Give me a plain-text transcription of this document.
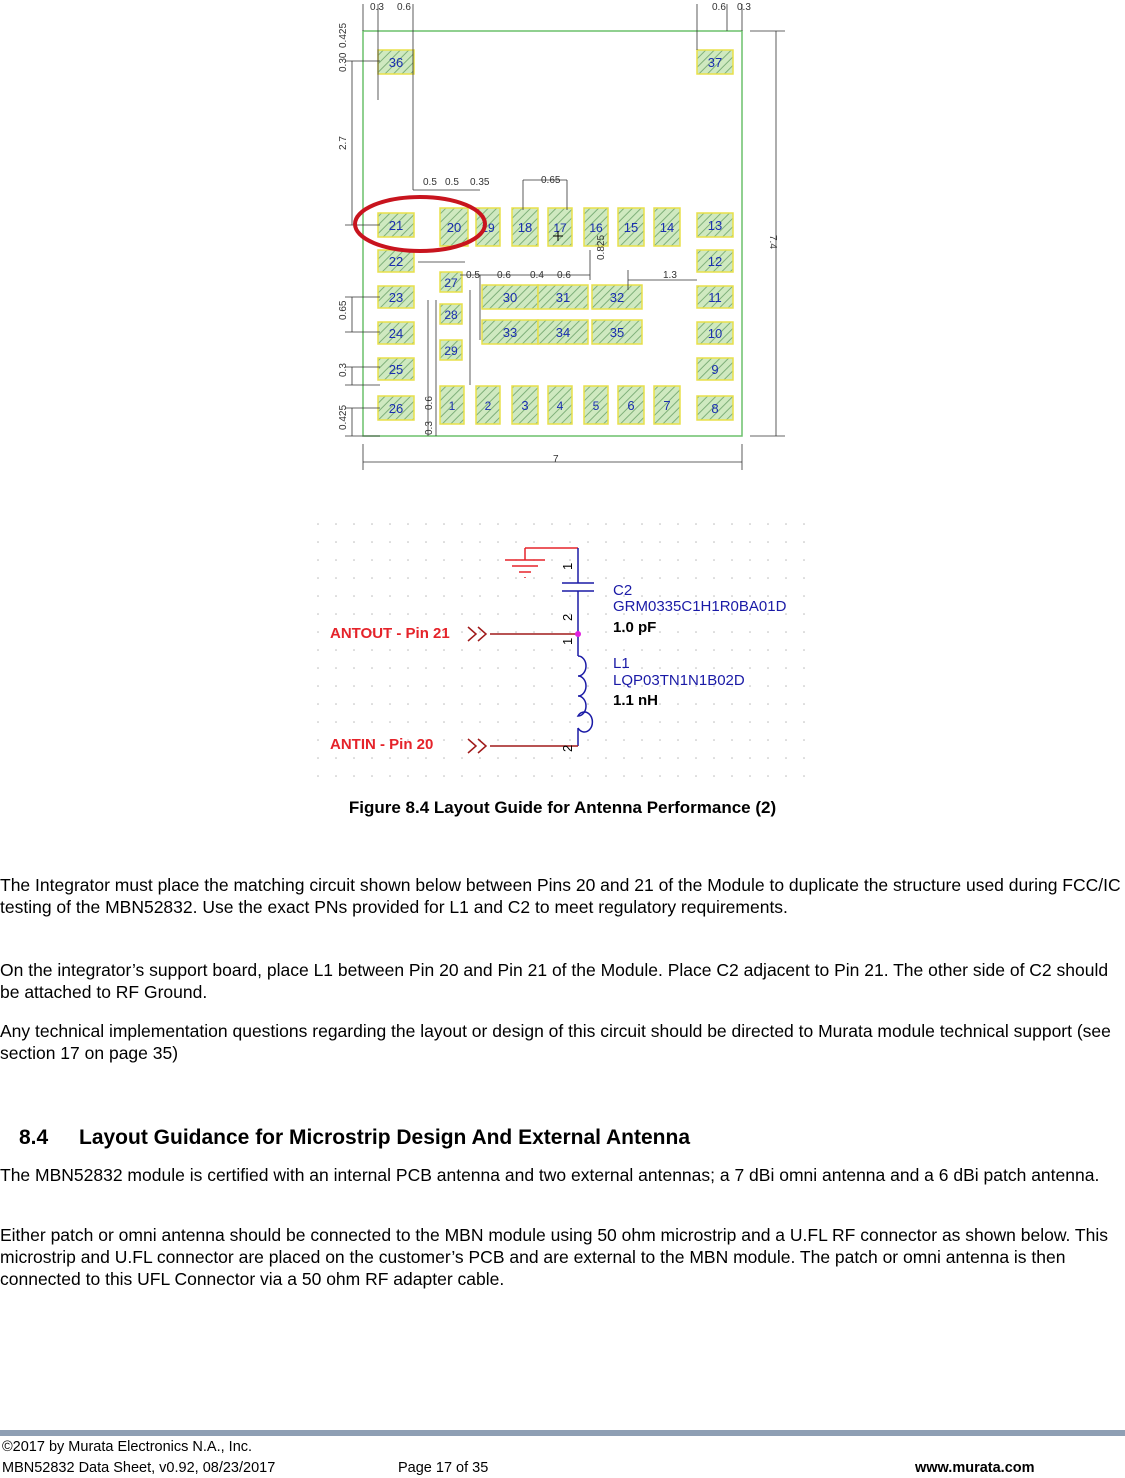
1 2 3 4 5 6 7	8
9
10
11
12
13
14
15
16
17
18
19
20
21
22
23
24
25
26
27
28
29
30	31	32
33	34	35
36	37
0.3 0.6	0.6 0.3
0.425
0.30
2.7
0.5 0.5 0.35
0.65
0.5 0.6 0.4 0.6	1.3
0.825
0.65
0.3
0.425	0.3
0.6
7.4
7
1
2
1
2
ANTOUT - Pin 21
ANTIN - Pin 20
C2
GRM0335C1H1R0BA01D
1.0 pF
L1
LQP03TN1N1B02D
1.1 nH
Figure 8.4 Layout Guide for Antenna Performance (2)

The Integrator must place the matching circuit shown below between Pins 20 and 21 of the Module to duplicate the structure used during FCC/IC testing of the MBN52832. Use the exact PNs provided for L1 and C2 to meet regulatory requirements.

On the integrator’s support board, place L1 between Pin 20 and Pin 21 of the Module. Place C2 adjacent to Pin 21. The other side of C2 should be attached to RF Ground.

Any technical implementation questions regarding the layout or design of this circuit should be directed to Murata module technical support (see section 17 on page 35)

8.4 Layout Guidance for Microstrip Design And External Antenna

The MBN52832 module is certified with an internal PCB antenna and two external antennas; a 7 dBi omni antenna and a 6 dBi patch antenna.

Either patch or omni antenna should be connected to the MBN module using 50 ohm microstrip and a U.FL RF connector as shown below. This microstrip and U.FL connector are placed on the customer’s PCB and are external to the MBN module. The patch or omni antenna is then connected to this UFL Connector via a 50 ohm RF adapter cable.

©2017 by Murata Electronics N.A., Inc.
MBN52832 Data Sheet, v0.92, 08/23/2017	Page 17 of 35	www.murata.com
